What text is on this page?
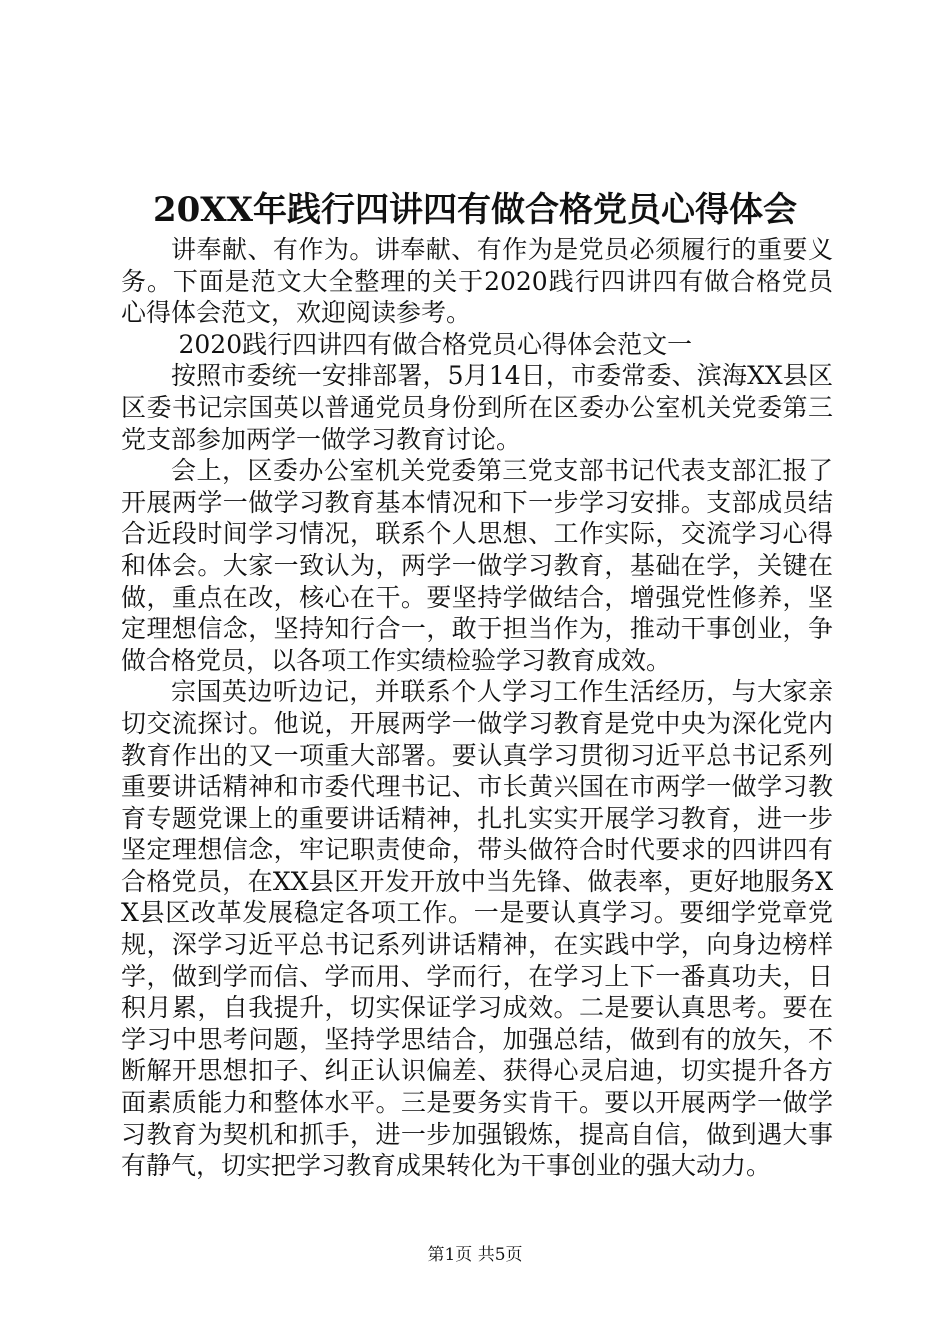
20XX年践行四讲四有做合格党员心得体会

讲奉献、有作为。讲奉献、有作为是党员必须履行的重要义务。下面是范文大全整理的关于2020践行四讲四有做合格党员心得体会范文，欢迎阅读参考。

2020践行四讲四有做合格党员心得体会范文一

按照市委统一安排部署，5月14日，市委常委、滨海XX县区区委书记宗国英以普通党员身份到所在区委办公室机关党委第三党支部参加两学一做学习教育讨论。

会上，区委办公室机关党委第三党支部书记代表支部汇报了开展两学一做学习教育基本情况和下一步学习安排。支部成员结合近段时间学习情况，联系个人思想、工作实际，交流学习心得和体会。大家一致认为，两学一做学习教育，基础在学，关键在做，重点在改，核心在干。要坚持学做结合，增强党性修养，坚定理想信念，坚持知行合一，敢于担当作为，推动干事创业，争做合格党员，以各项工作实绩检验学习教育成效。

宗国英边听边记，并联系个人学习工作生活经历，与大家亲切交流探讨。他说，开展两学一做学习教育是党中央为深化党内教育作出的又一项重大部署。要认真学习贯彻习近平总书记系列重要讲话精神和市委代理书记、市长黄兴国在市两学一做学习教育专题党课上的重要讲话精神，扎扎实实开展学习教育，进一步坚定理想信念，牢记职责使命，带头做符合时代要求的四讲四有合格党员，在XX县区开发开放中当先锋、做表率，更好地服务XX县区改革发展稳定各项工作。一是要认真学习。要细学党章党规，深学习近平总书记系列讲话精神，在实践中学，向身边榜样学，做到学而信、学而用、学而行，在学习上下一番真功夫，日积月累，自我提升，切实保证学习成效。二是要认真思考。要在学习中思考问题，坚持学思结合，加强总结，做到有的放矢，不断解开思想扣子、纠正认识偏差、获得心灵启迪，切实提升各方面素质能力和整体水平。三是要务实肯干。要以开展两学一做学习教育为契机和抓手，进一步加强锻炼，提高自信，做到遇大事有静气，切实把学习教育成果转化为干事创业的强大动力。

第1页 共5页
